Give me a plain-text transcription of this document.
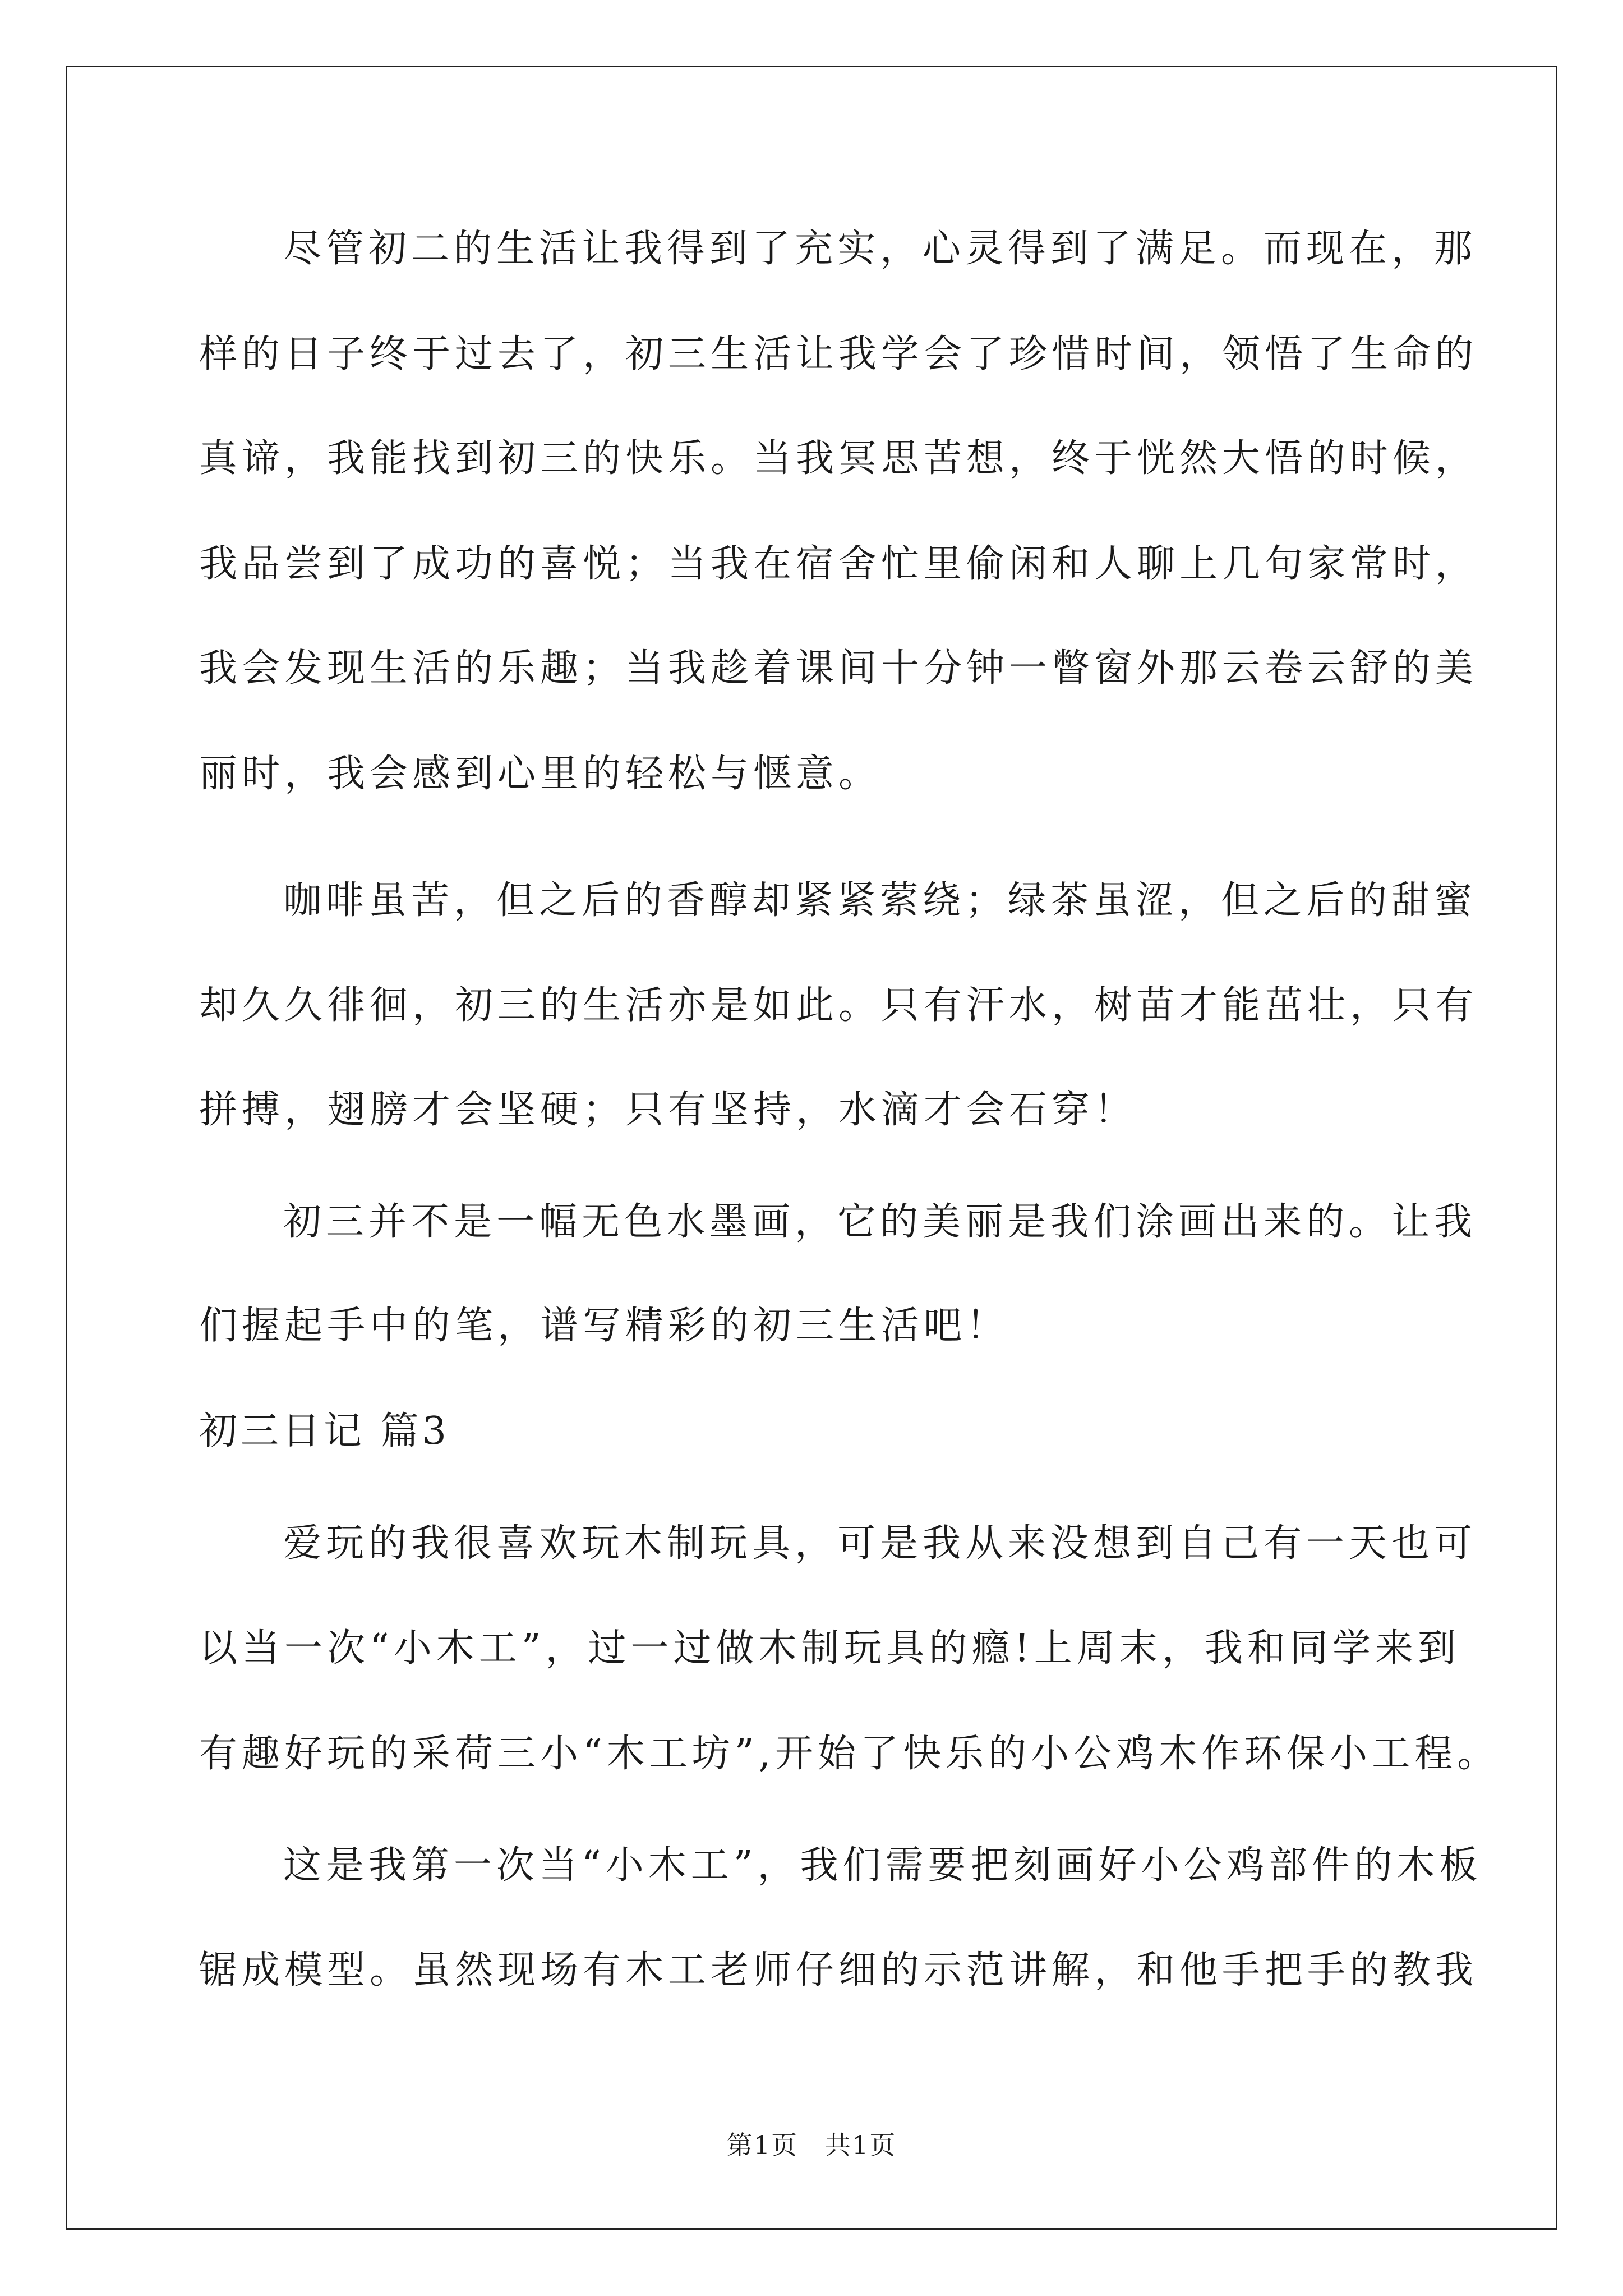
尽管初二的生活让我得到了充实，心灵得到了满足。而现在，那
样的日子终于过去了，初三生活让我学会了珍惜时间，领悟了生命的
真谛，我能找到初三的快乐。当我冥思苦想，终于恍然大悟的时候，
我品尝到了成功的喜悦；当我在宿舍忙里偷闲和人聊上几句家常时，
我会发现生活的乐趣；当我趁着课间十分钟一瞥窗外那云卷云舒的美
丽时，我会感到心里的轻松与惬意。
咖啡虽苦，但之后的香醇却紧紧萦绕；绿茶虽涩，但之后的甜蜜
却久久徘徊，初三的生活亦是如此。只有汗水，树苗才能茁壮，只有
拼搏，翅膀才会坚硬；只有坚持，水滴才会石穿！
初三并不是一幅无色水墨画，它的美丽是我们涂画出来的。让我
们握起手中的笔，谱写精彩的初三生活吧！
初三日记 篇3
爱玩的我很喜欢玩木制玩具，可是我从来没想到自己有一天也可
以当一次“小木工”，过一过做木制玩具的瘾!上周末，我和同学来到
有趣好玩的采荷三小“木工坊”,开始了快乐的小公鸡木作环保小工程。
这是我第一次当“小木工”，我们需要把刻画好小公鸡部件的木板
锯成模型。虽然现场有木工老师仔细的示范讲解，和他手把手的教我
第1页　共1页
